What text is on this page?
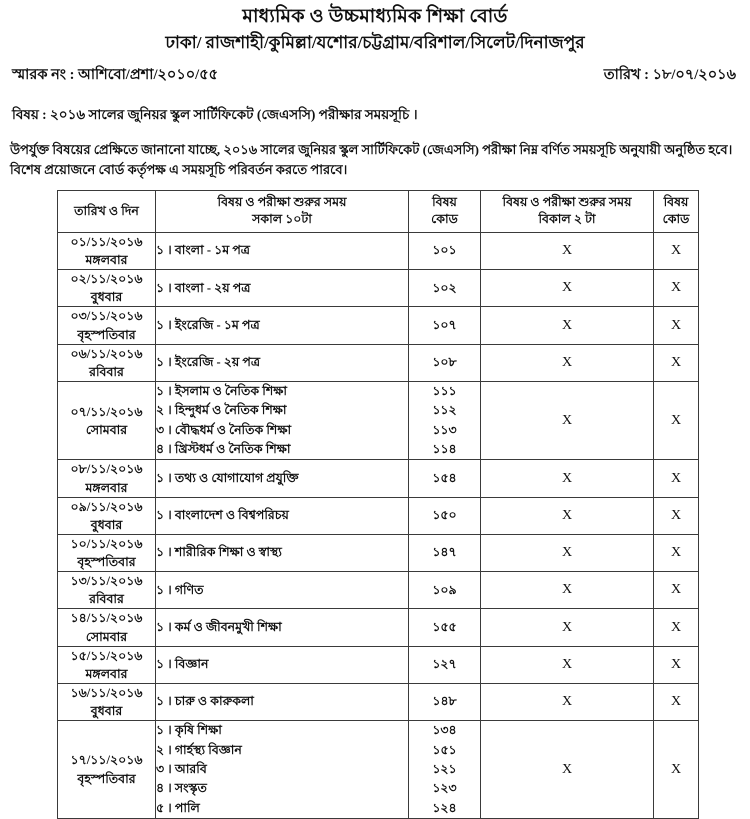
মাধ্যমিক ও উচ্চমাধ্যমিক শিক্ষা বোর্ড
ঢাকা/ রাজশাহী/কুমিল্লা/যশোর/চট্টগ্রাম/বরিশাল/সিলেট/দিনাজপুর
স্মারক নং : আশিবো/প্রশা/২০১০/৫৫	তারিখ : ১৮/০৭/২০১৬
বিষয় : ২০১৬ সালের জুনিয়র স্কুল সার্টিফিকেট (জেএসসি) পরীক্ষার সময়সূচি ।
উপর্যুক্ত বিষয়ের প্রেক্ষিতে জানানো যাচ্ছে, ২০১৬ সালের জুনিয়র স্কুল সার্টিফিকেট (জেএসসি) পরীক্ষা নিম্ন বর্ণিত সময়সূচি অনুযায়ী অনুষ্ঠিত হবে। বিশেষ প্রয়োজনে বোর্ড কর্তৃপক্ষ এ সময়সূচি পরিবর্তন করতে পারবে।
তারিখ ও দিন	বিষয় ও পরীক্ষা শুরুর সময়
সকাল ১০টা	বিষয়
কোড	বিষয় ও পরীক্ষা শুরুর সময়
বিকাল ২ টা	বিষয়
কোড

০১/১১/২০১৬
মঙ্গলবার	১ । বাংলা - ১ম পত্র	১০১	X	X

০২/১১/২০১৬
বুধবার	১ । বাংলা - ২য় পত্র	১০২	X	X

০৩/১১/২০১৬
বৃহস্পতিবার	১ । ইংরেজি - ১ম পত্র	১০৭	X	X

০৬/১১/২০১৬
রবিবার	১ । ইংরেজি - ২য় পত্র	১০৮	X	X

০৭/১১/২০১৬
সোমবার	১ । ইসলাম ও নৈতিক শিক্ষা
২ । হিন্দুধর্ম ও নৈতিক শিক্ষা
৩ । বৌদ্ধধর্ম ও নৈতিক শিক্ষা
৪ । খ্রিস্টধর্ম ও নৈতিক শিক্ষা	১১১
১১২
১১৩
১১৪	X	X

০৮/১১/২০১৬
মঙ্গলবার	১ । তথ্য ও যোগাযোগ প্রযুক্তি	১৫৪	X	X

০৯/১১/২০১৬
বুধবার	১ । বাংলাদেশ ও বিশ্বপরিচয়	১৫০	X	X

১০/১১/২০১৬
বৃহস্পতিবার	১ । শারীরিক শিক্ষা ও স্বাস্থ্য	১৪৭	X	X

১৩/১১/২০১৬
রবিবার	১ । গণিত	১০৯	X	X

১৪/১১/২০১৬
সোমবার	১ । কর্ম ও জীবনমুখী শিক্ষা	১৫৫	X	X

১৫/১১/২০১৬
মঙ্গলবার	১ । বিজ্ঞান	১২৭	X	X

১৬/১১/২০১৬
বুধবার	১ । চারু ও কারুকলা	১৪৮	X	X

১৭/১১/২০১৬
বৃহস্পতিবার	১ । কৃষি শিক্ষা
২ । গার্হস্থ্য বিজ্ঞান
৩ । আরবি
৪ । সংস্কৃত
৫ । পালি	১৩৪
১৫১
১২১
১২৩
১২৪	X	X
